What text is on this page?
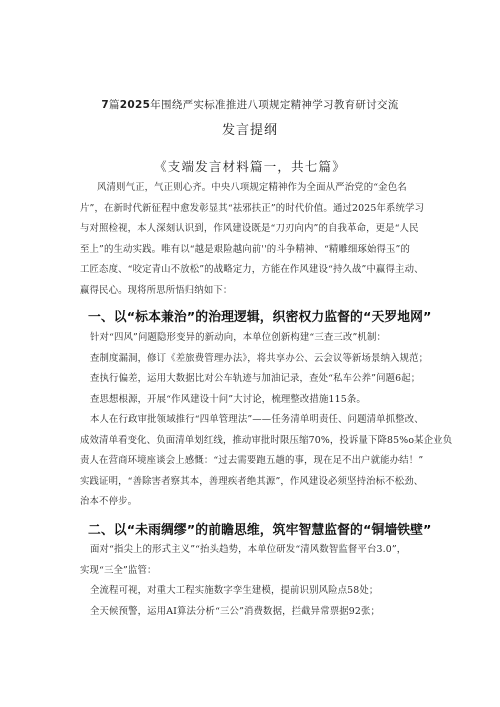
7篇2025年围绕严实标准推进八项规定精神学习教育研讨交流
发言提纲
《支端发言材料篇一，共七篇》

风清则气正，气正则心齐。中央八项规定精神作为全面从严治党的“金色名

片”，在新时代新征程中愈发彰显其“祛邪扶正”的时代价值。通过2025年系统学习

与对照检视，本人深刻认识到，作风建设既是“刀刃向内”的自我革命，更是“人民

至上”的生动实践。唯有以“越是艰险越向前''的斗争精神、“精雕细琢始得玉”的

工匠态度、“咬定青山不放松”的战略定力，方能在作风建设“持久战”中赢得主动、

赢得民心。现将所思所悟归纳如下：

一、以“标本兼治”的治理逻辑，织密权力监督的“天罗地网”

针对“四风”问题隐形变异的新动向，本单位创新构建“三查三改”机制：

查制度漏洞，修订《差旅费管理办法》，将共享办公、云会议等新场景纳入规范；

查执行偏差，运用大数据比对公车轨迹与加油记录，查处“私车公养”问题6起；

查思想根源，开展“作风建设十问”大讨论，梳理整改措施115条。

本人在行政审批领域推行“四单管理法”——任务清单明责任、问题清单抓整改、

成效清单看变化、负面清单划红线，推动审批时限压缩70%，投诉量下降85%o某企业负

责人在营商环境座谈会上感慨：“过去需要跑五趟的事，现在足不出户就能办结！”

实践证明，“善除害者察其本，善理疾者绝其源”，作风建设必须坚持治标不松劲、

治本不停步。

二、以“未雨绸缪”的前瞻思维，筑牢智慧监督的“铜墙铁壁”

面对“指尖上的形式主义”“抬头趋势，本单位研发“清风数智监督平台3.0”，

实现“三全”监管：

全流程可视，对重大工程实施数字孪生建模，提前识别风险点58处；

全天候预警，运用AI算法分析“三公”消费数据，拦截异常票据92张；
